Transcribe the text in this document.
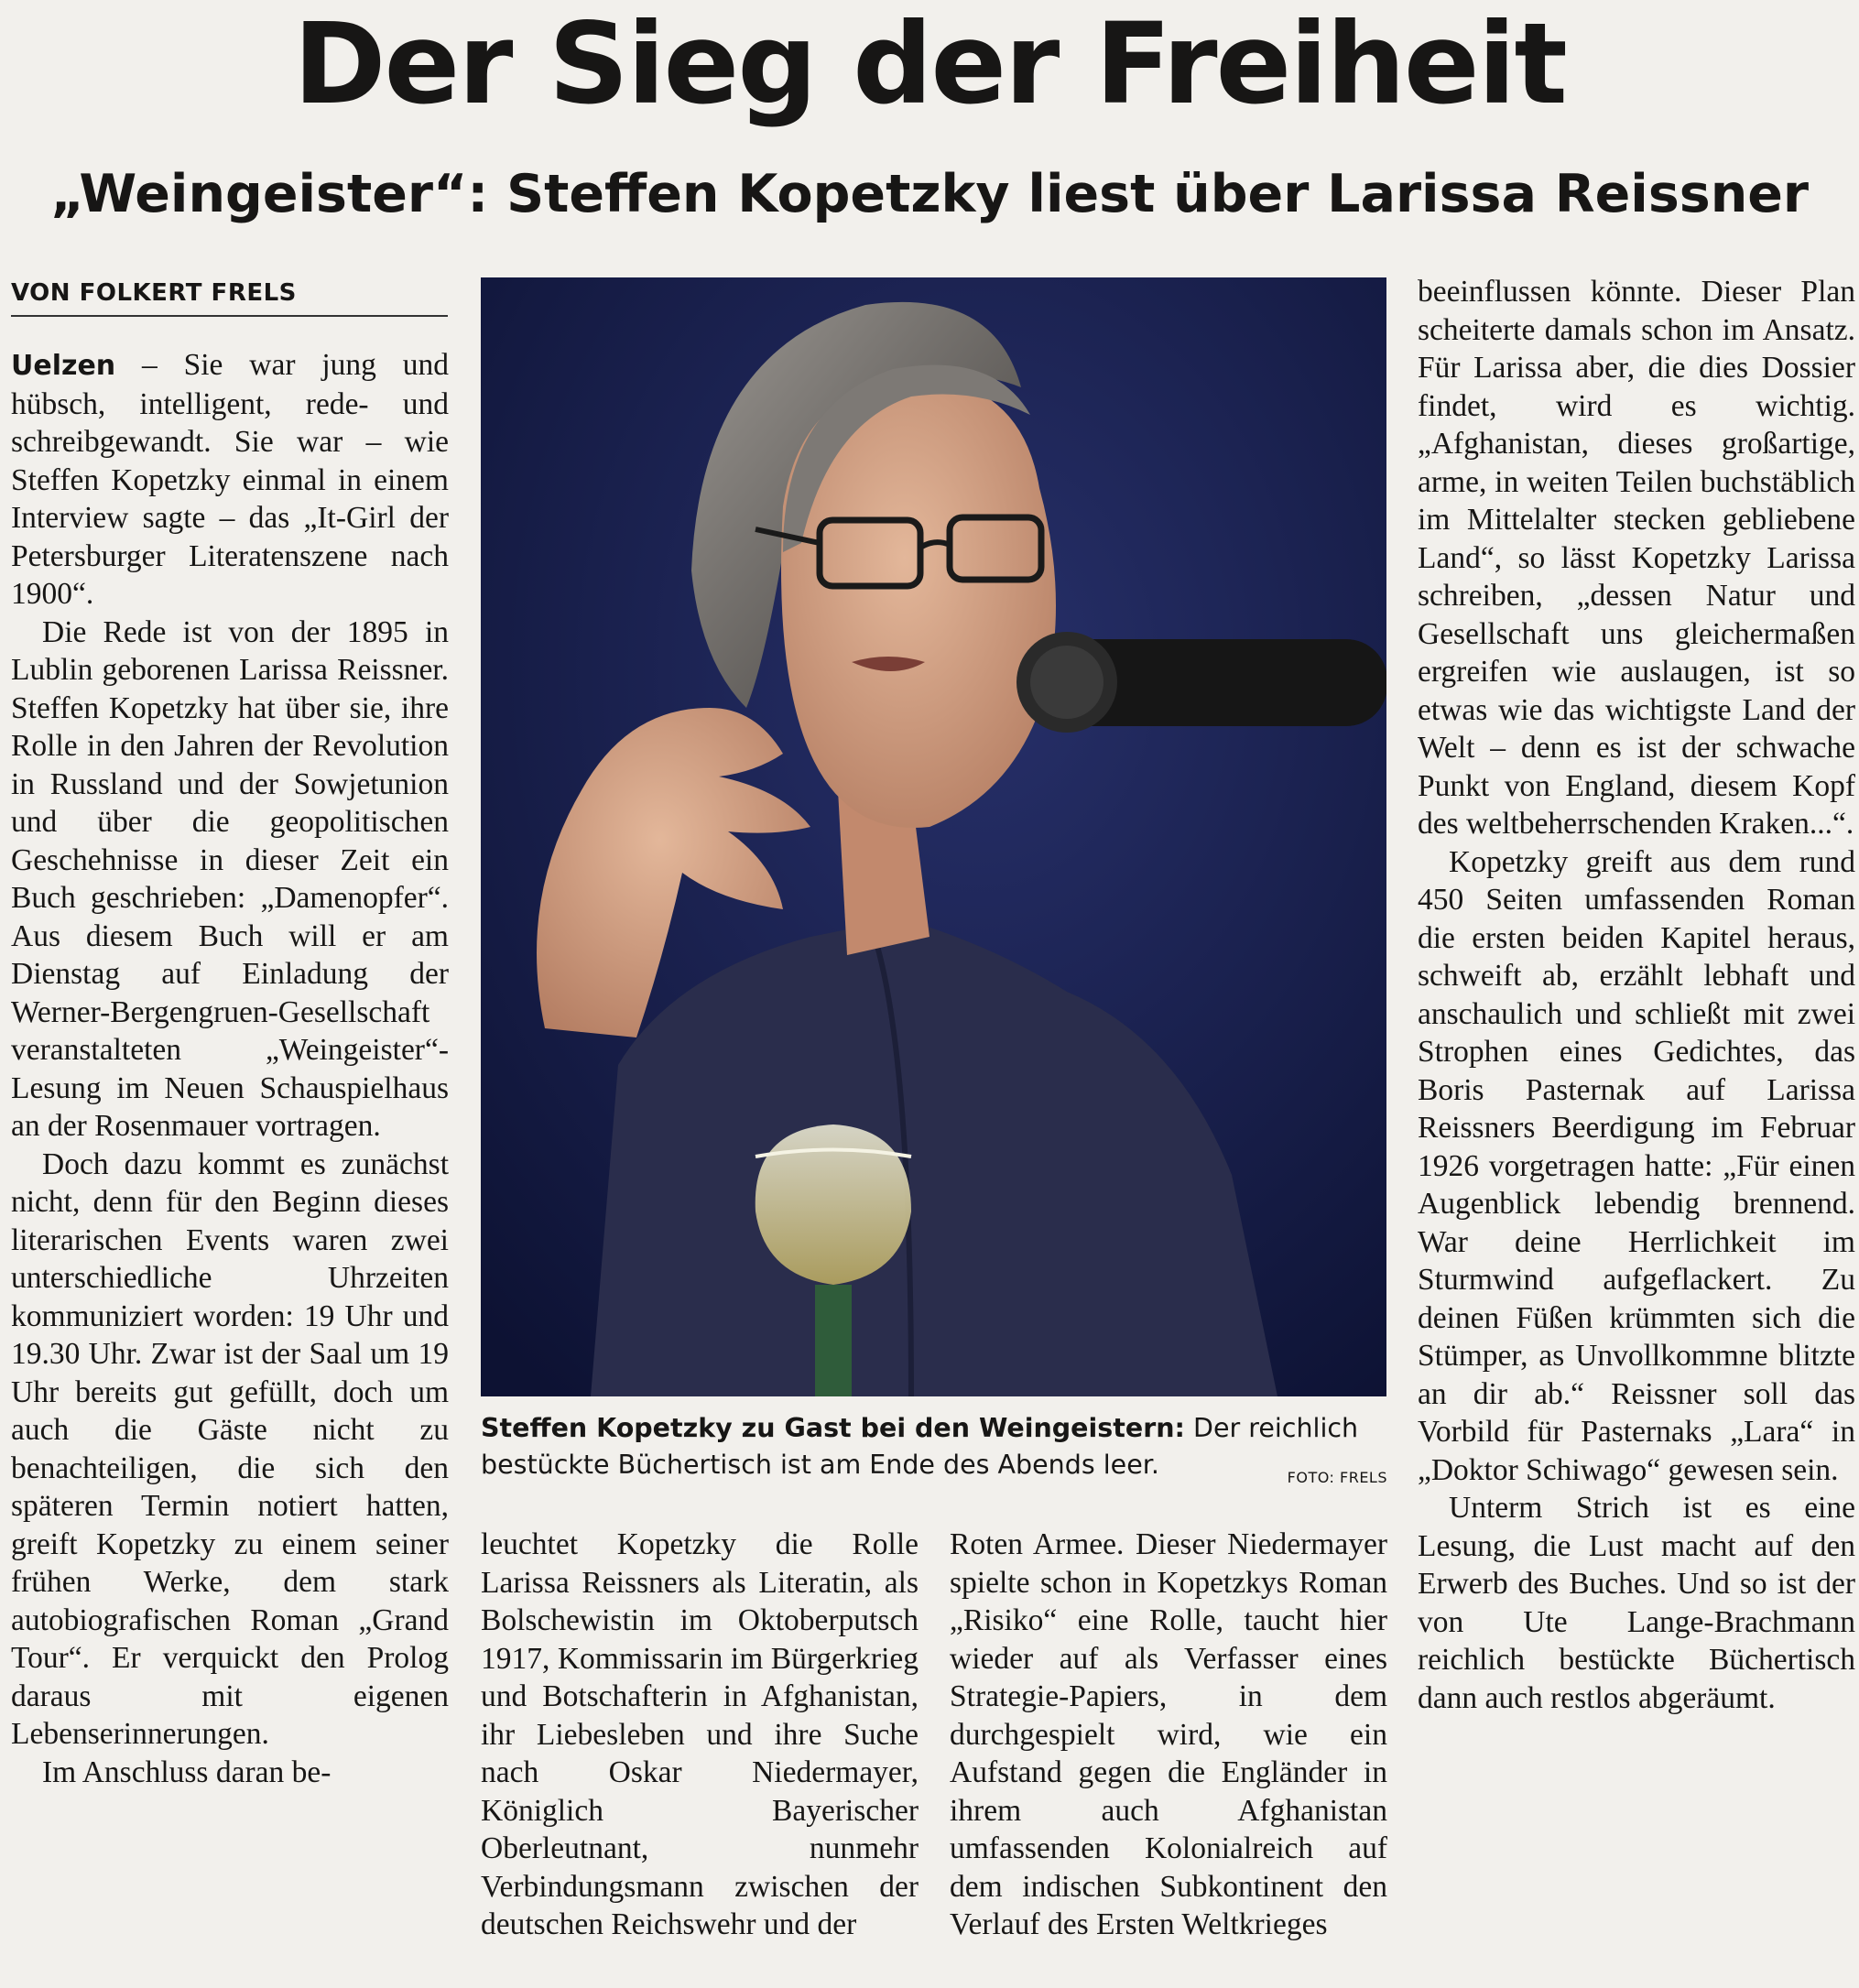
Der Sieg der Freiheit
„Weingeister“: Steffen Kopetzky liest über Larissa Reissner
VON FOLKERT FRELS

Uelzen – Sie war jung und hübsch, intelligent, rede- und schreibgewandt. Sie war – wie Steffen Kopetzky einmal in einem Interview sagte – das „It-Girl der Petersburger Literatenszene nach 1900“.

Die Rede ist von der 1895 in Lublin geborenen Larissa Reissner. Steffen Kopetzky hat über sie, ihre Rolle in den Jahren der Revolution in Russland und der Sowjetunion und über die geopolitischen Geschehnisse in dieser Zeit ein Buch geschrieben: „Damenopfer“. Aus diesem Buch will er am Dienstag auf Einladung der Werner-Bergengruen-Gesellschaft veranstalteten „Weingeister“-Lesung im Neuen Schauspielhaus an der Rosenmauer vortragen.

Doch dazu kommt es zunächst nicht, denn für den Beginn dieses literarischen Events waren zwei unterschiedliche Uhrzeiten kommuniziert worden: 19 Uhr und 19.30 Uhr. Zwar ist der Saal um 19 Uhr bereits gut gefüllt, doch um auch die Gäste nicht zu benachteiligen, die sich den späteren Termin notiert hatten, greift Kopetzky zu einem seiner frühen Werke, dem stark autobiografischen Roman „Grand Tour“. Er verquickt den Prolog daraus mit eigenen Lebenserinnerungen.

Im Anschluss daran be-

Steffen Kopetzky zu Gast bei den Weingeistern: Der reichlich bestückte Büchertisch ist am Ende des Abends leer.	FOTO: FRELS

leuchtet Kopetzky die Rolle Larissa Reissners als Literatin, als Bolschewistin im Oktoberputsch 1917, Kommissarin im Bürgerkrieg und Botschafterin in Afghanistan, ihr Liebesleben und ihre Suche nach Oskar Niedermayer, Königlich Bayerischer Oberleutnant, nunmehr Verbindungsmann zwischen der deutschen Reichswehr und der

Roten Armee. Dieser Niedermayer spielte schon in Kopetzkys Roman „Risiko“ eine Rolle, taucht hier wieder auf als Verfasser eines Strategie-Papiers, in dem durchgespielt wird, wie ein Aufstand gegen die Engländer in ihrem auch Afghanistan umfassenden Kolonialreich auf dem indischen Subkontinent den Verlauf des Ersten Weltkrieges

beeinflussen könnte. Dieser Plan scheiterte damals schon im Ansatz. Für Larissa aber, die dies Dossier findet, wird es wichtig. „Afghanistan, dieses großartige, arme, in weiten Teilen buchstäblich im Mittelalter stecken gebliebene Land“, so lässt Kopetzky Larissa schreiben, „dessen Natur und Gesellschaft uns gleichermaßen ergreifen wie auslaugen, ist so etwas wie das wichtigste Land der Welt – denn es ist der schwache Punkt von England, diesem Kopf des weltbeherrschenden Kraken...“.

Kopetzky greift aus dem rund 450 Seiten umfassenden Roman die ersten beiden Kapitel heraus, schweift ab, erzählt lebhaft und anschaulich und schließt mit zwei Strophen eines Gedichtes, das Boris Pasternak auf Larissa Reissners Beerdigung im Februar 1926 vorgetragen hatte: „Für einen Augenblick lebendig brennend. War deine Herrlichkeit im Sturmwind aufgeflackert. Zu deinen Füßen krümmten sich die Stümper, as Unvollkommne blitzte an dir ab.“ Reissner soll das Vorbild für Pasternaks „Lara“ in „Doktor Schiwago“ gewesen sein.

Unterm Strich ist es eine Lesung, die Lust macht auf den Erwerb des Buches. Und so ist der von Ute Lange-Brachmann reichlich bestückte Büchertisch dann auch restlos abgeräumt.
